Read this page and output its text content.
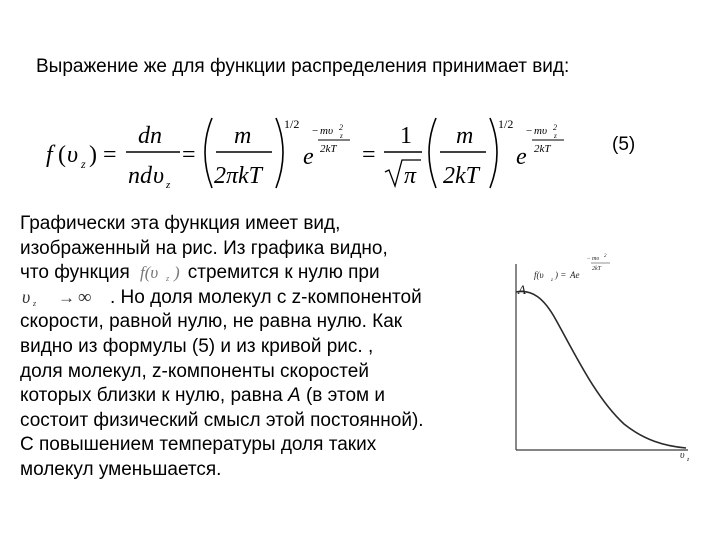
Выражение же для функции распределения принимает вид:
f ( υ z ) =
dn
n d υ z
=
m
2πkT
1/2
e
− mυ 2
z
2kT =
1
π
m
2kT
1/2
e
− mυ 2
z
2kT	(5)
Графически эта функция имеет вид,
изображенный на рис. Из графика видно,
что функция f(υ z ) стремится к нулю при
υ z → ∞ . Но доля молекул с z-компонентой
скорости, равной нулю, не равна нулю. Как
видно из формулы (5) и из кривой рис. ,
доля молекул, z-компоненты скоростей
которых близки к нулю, равна A (в этом и
состоит физический смысл этой постоянной).
С повышением температуры доля таких
молекул уменьшается.
A
f(υ
z
) = Ae
− mυ 2
2kT
υ z
